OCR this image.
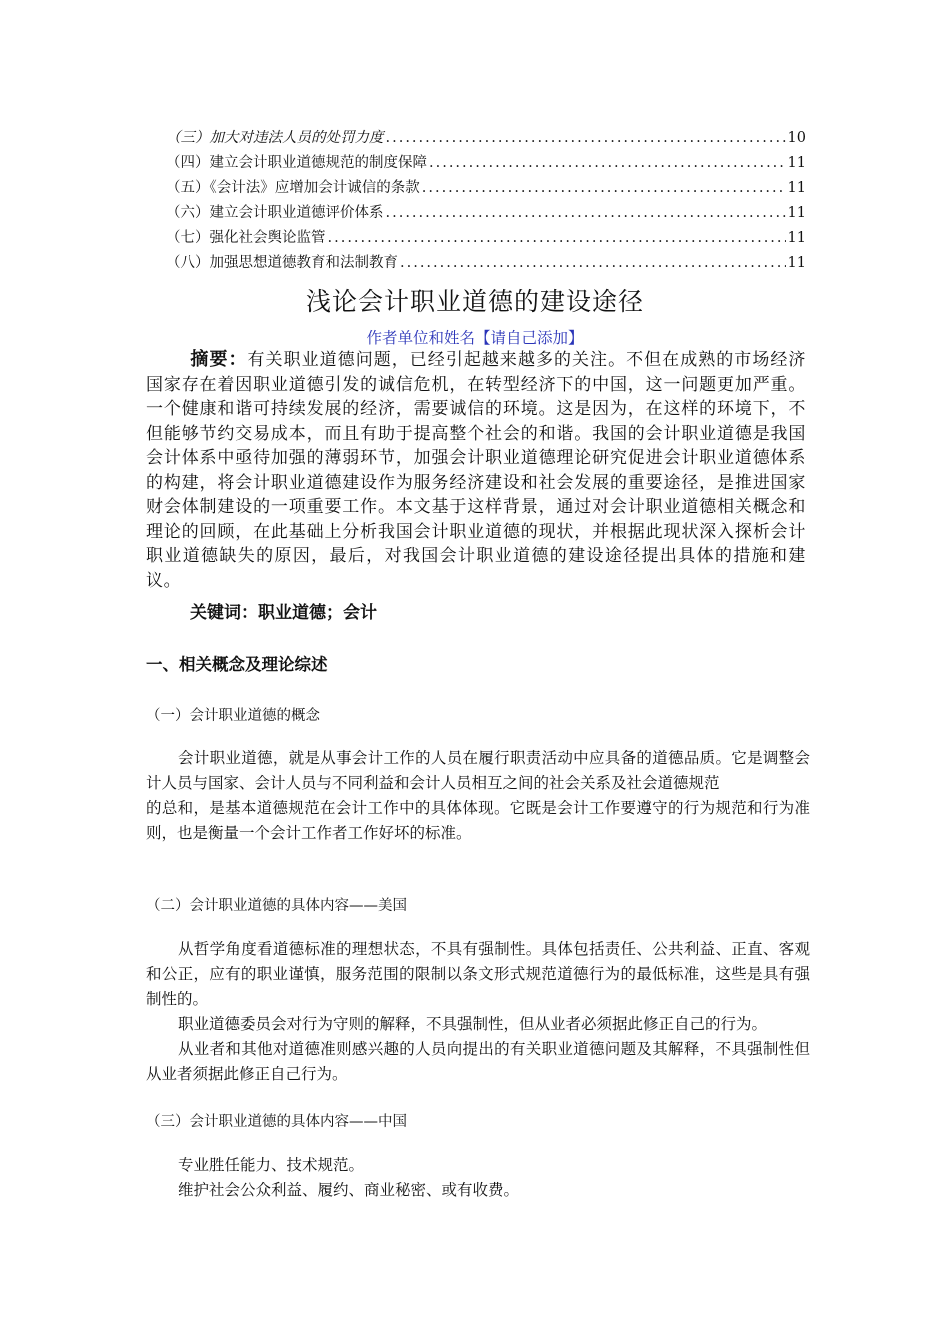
（三）加大对违法人员的处罚力度 .....	10
（四）建立会计职业道德规范的制度保障 .....	11
（五）《会计法》应增加会计诚信的条款 .....	11
（六）建立会计职业道德评价体系 .....	11
（七）强化社会舆论监管 .....	11
（八）加强思想道德教育和法制教育 .....	11
浅论会计职业道德的建设途径
作者单位和姓名【请自己添加】
摘要：有关职业道德问题，已经引起越来越多的关注。不但在成熟的市场经济国家存在着因职业道德引发的诚信危机，在转型经济下的中国，这一问题更加严重。一个健康和谐可持续发展的经济，需要诚信的环境。这是因为，在这样的环境下，不但能够节约交易成本，而且有助于提高整个社会的和谐。我国的会计职业道德是我国会计体系中亟待加强的薄弱环节，加强会计职业道德理论研究促进会计职业道德体系的构建，将会计职业道德建设作为服务经济建设和社会发展的重要途径，是推进国家财会体制建设的一项重要工作。本文基于这样背景，通过对会计职业道德相关概念和理论的回顾，在此基础上分析我国会计职业道德的现状，并根据此现状深入探析会计职业道德缺失的原因，最后，对我国会计职业道德的建设途径提出具体的措施和建议。
关键词：职业道德；会计
一、相关概念及理论综述
（一）会计职业道德的概念

会计职业道德，就是从事会计工作的人员在履行职责活动中应具备的道德品质。它是调整会计人员与国家、会计人员与不同利益和会计人员相互之间的社会关系及社会道德规范

的总和，是基本道德规范在会计工作中的具体体现。它既是会计工作要遵守的行为规范和行为准则，也是衡量一个会计工作者工作好坏的标准。

（二）会计职业道德的具体内容——美国

从哲学角度看道德标准的理想状态，不具有强制性。具体包括责任、公共利益、正直、客观和公正，应有的职业谨慎，服务范围的限制以条文形式规范道德行为的最低标准，这些是具有强制性的。

职业道德委员会对行为守则的解释，不具强制性，但从业者必须据此修正自己的行为。

从业者和其他对道德准则感兴趣的人员向提出的有关职业道德问题及其解释，不具强制性但从业者须据此修正自己行为。

（三）会计职业道德的具体内容——中国

专业胜任能力、技术规范。

维护社会公众利益、履约、商业秘密、或有收费。
